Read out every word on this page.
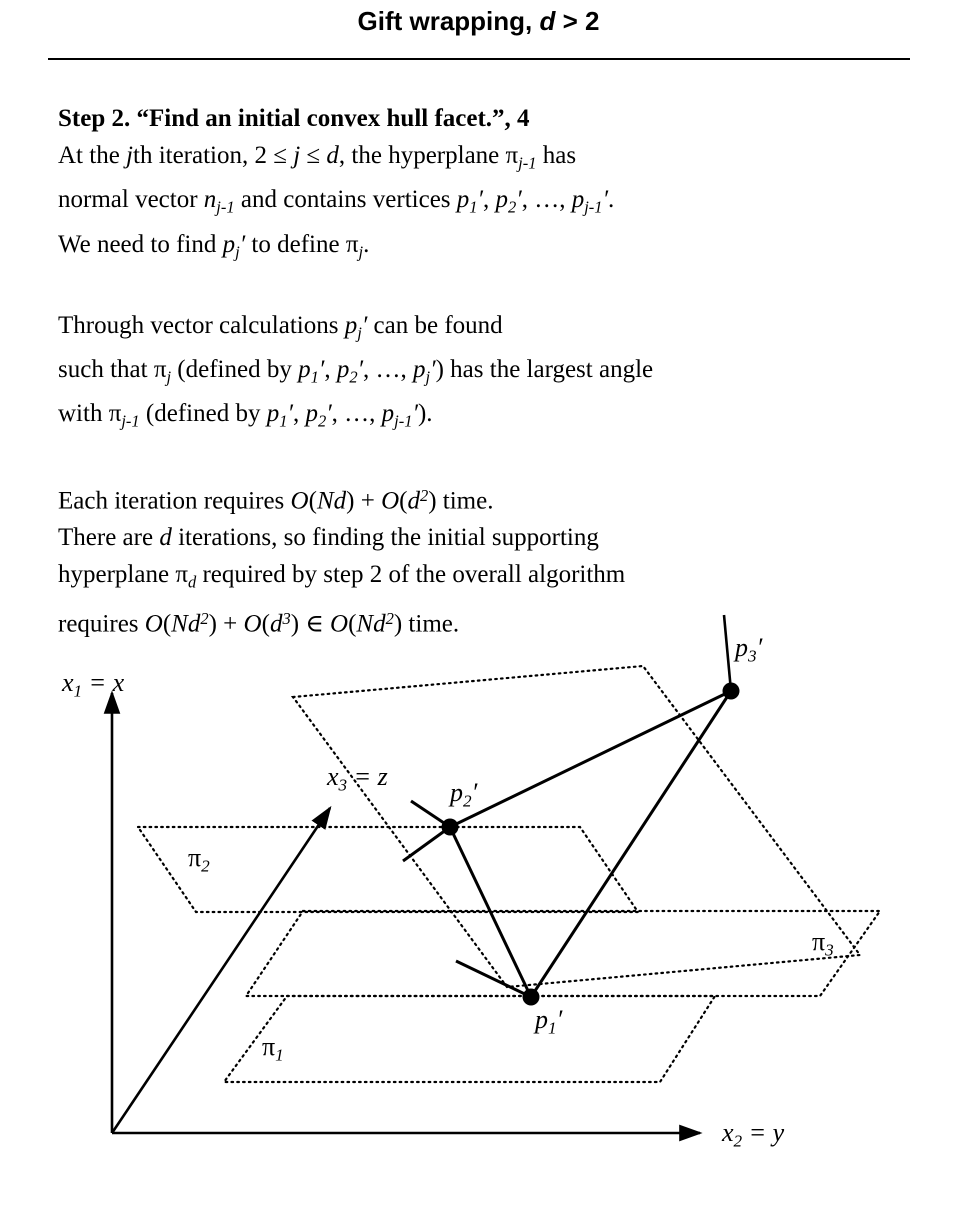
Gift wrapping, d > 2
Step 2. “Find an initial convex hull facet.”, 4
At the jth iteration, 2 ≤ j ≤ d, the hyperplane $\pi_{j-1}$ has
normal vector $n_{j-1}$ and contains vertices $p_1'$, $p_2'$, …, $p_{j-1}'$.
We need to find $p_j'$ to define $\pi_j$.
Through vector calculations $p_j'$ can be found
such that $\pi_j$ (defined by $p_1'$, $p_2'$, …, $p_j'$) has the largest angle
with $\pi_{j-1}$ (defined by $p_1'$, $p_2'$, …, $p_{j-1}'$).
Each iteration requires $O(Nd) + O(d^2)$ time.
There are d iterations, so finding the initial supporting
hyperplane $\pi_d$ required by step 2 of the overall algorithm
requires $O(Nd^2) + O(d^3)$ ∈ O(Nd$^2$) time.
$x_1 = x$
$x_2 = y$
$x_3 = z$
$\pi_1$
$\pi_2$
$\pi_3$
$p_1'$
$p_2'$
$p_3'$
